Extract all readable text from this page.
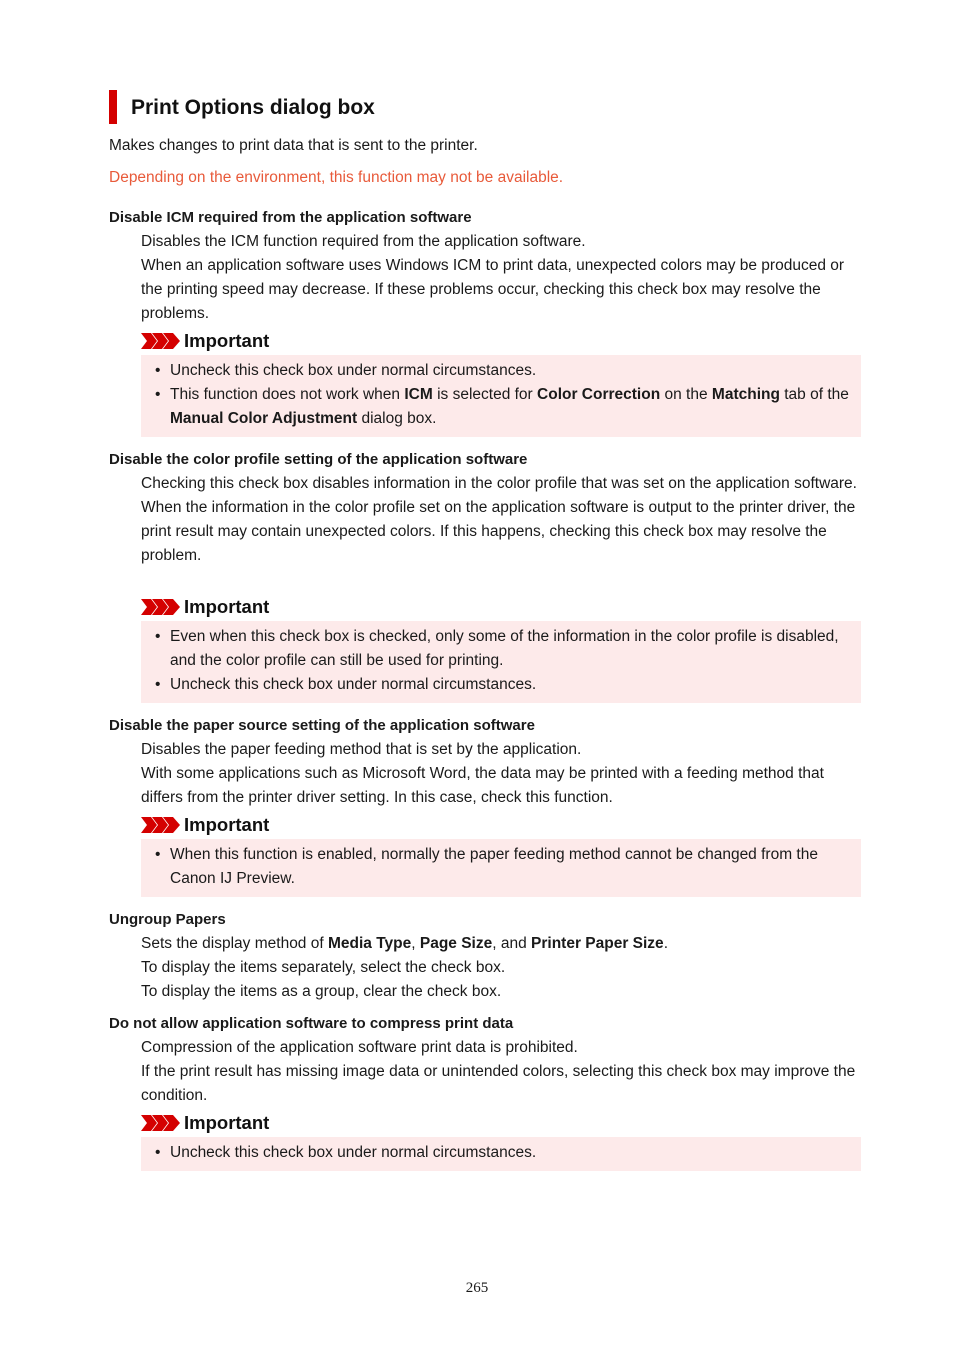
Print Options dialog box

Makes changes to print data that is sent to the printer.

Depending on the environment, this function may not be available.

Disable ICM required from the application software

Disables the ICM function required from the application software.

When an application software uses Windows ICM to print data, unexpected colors may be produced or the printing speed may decrease. If these problems occur, checking this check box may resolve the problems.

Important
• Uncheck this check box under normal circumstances.
• This function does not work when ICM is selected for Color Correction on the Matching tab of the Manual Color Adjustment dialog box.

Disable the color profile setting of the application software

Checking this check box disables information in the color profile that was set on the application software.

When the information in the color profile set on the application software is output to the printer driver, the print result may contain unexpected colors. If this happens, checking this check box may resolve the problem.

Important
• Even when this check box is checked, only some of the information in the color profile is disabled, and the color profile can still be used for printing.
• Uncheck this check box under normal circumstances.

Disable the paper source setting of the application software

Disables the paper feeding method that is set by the application.

With some applications such as Microsoft Word, the data may be printed with a feeding method that differs from the printer driver setting. In this case, check this function.

Important
• When this function is enabled, normally the paper feeding method cannot be changed from the Canon IJ Preview.

Ungroup Papers

Sets the display method of Media Type, Page Size, and Printer Paper Size.

To display the items separately, select the check box.

To display the items as a group, clear the check box.

Do not allow application software to compress print data

Compression of the application software print data is prohibited.

If the print result has missing image data or unintended colors, selecting this check box may improve the condition.

Important
• Uncheck this check box under normal circumstances.
265
